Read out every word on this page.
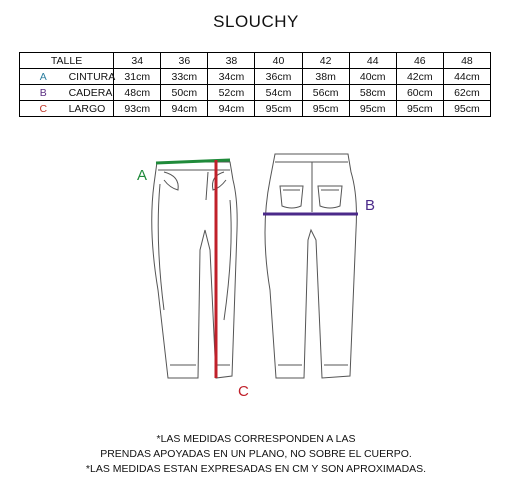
SLOUCHY
TALLE		34	36	38	40	42	44	46	48
A	CINTURA	31cm	33cm	34cm	36cm	38m	40cm	42cm	44cm
B	CADERA	48cm	50cm	52cm	54cm	56cm	58cm	60cm	62cm
C	LARGO	93cm	94cm	94cm	95cm	95cm	95cm	95cm	95cm
A
B
C
*LAS MEDIDAS CORRESPONDEN A LAS
PRENDAS APOYADAS EN UN PLANO, NO SOBRE EL CUERPO.
*LAS MEDIDAS ESTAN EXPRESADAS EN CM Y SON APROXIMADAS.
